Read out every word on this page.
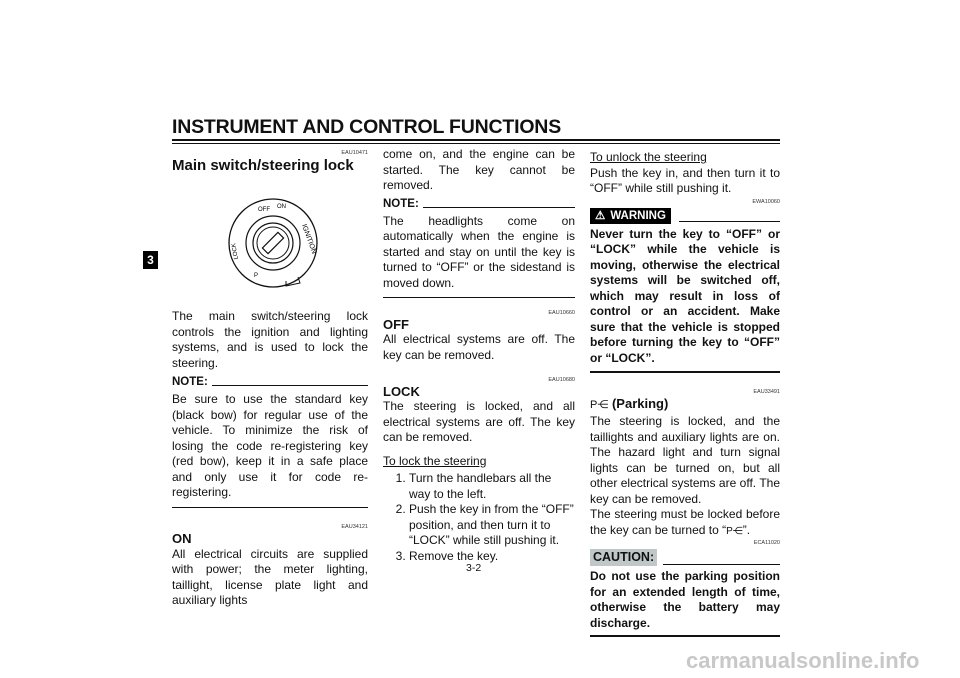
INSTRUMENT AND CONTROL FUNCTIONS
3
EAU10471
Main switch/steering lock
OFF ON
IGNITION
LOCK
P

The main switch/steering lock controls the ignition and lighting systems, and is used to lock the steering.

NOTE:

Be sure to use the standard key (black bow) for regular use of the vehicle. To minimize the risk of losing the code re-registering key (red bow), keep it in a safe place and only use it for code re-registering.

EAU34121
ON

All electrical circuits are supplied with power; the meter lighting, taillight, license plate light and auxiliary lights

come on, and the engine can be started. The key cannot be removed.

NOTE:

The headlights come on automatically when the engine is started and stay on until the key is turned to “OFF” or the sidestand is moved down.

EAU10660
OFF

All electrical systems are off. The key can be removed.

EAU10680
LOCK

The steering is locked, and all electrical systems are off. The key can be removed.

To lock the steering

1. Turn the handlebars all the way to the left.
2. Push the key in from the “OFF” position, and then turn it to “LOCK” while still pushing it.
3. Remove the key.

To unlock the steering

Push the key in, and then turn it to “OFF” while still pushing it.

EWA10060
⚠ WARNING

Never turn the key to “OFF” or “LOCK” while the vehicle is moving, otherwise the electrical systems will be switched off, which may result in loss of control or an accident. Make sure that the vehicle is stopped before turning the key to “OFF” or “LOCK”.

EAU33491
P⋲ (Parking)

The steering is locked, and the taillights and auxiliary lights are on. The hazard light and turn signal lights can be turned on, but all other electrical systems are off. The key can be removed.

The steering must be locked before the key can be turned to “P⋲”.

ECA11020
CAUTION:

Do not use the parking position for an extended length of time, otherwise the battery may discharge.

3-2
carmanualsonline.info
